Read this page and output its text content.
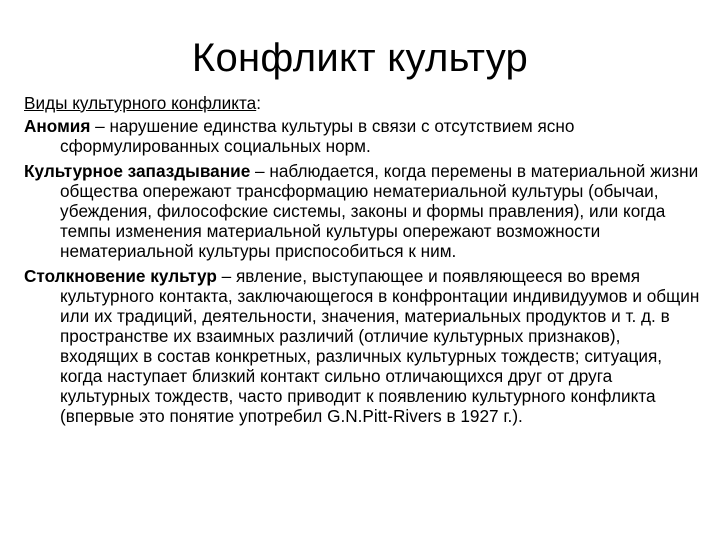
Конфликт культур

Виды культурного конфликта:

Аномия – нарушение единства культуры в связи с отсутствием ясно сформулированных социальных норм.

Культурное запаздывание – наблюдается, когда перемены в материальной жизни общества опережают трансформацию нематериальной культуры (обычаи, убеждения, философские системы, законы и формы правления), или когда темпы изменения материальной культуры опережают возможности нематериальной культуры приспособиться к ним.

Столкновение культур – явление, выступающее и появляющееся во время культурного контакта, заключающегося в конфронтации индивидуумов и общин или их традиций, деятельности, значения, материальных продуктов и т. д. в пространстве их взаимных различий (отличие культурных признаков), входящих в состав конкретных, различных культурных тождеств; ситуация, когда наступает близкий контакт сильно отличающихся друг от друга культурных тождеств, часто приводит к появлению культурного конфликта (впервые это понятие употребил G.N.Pitt-Rivers в 1927 г.).
